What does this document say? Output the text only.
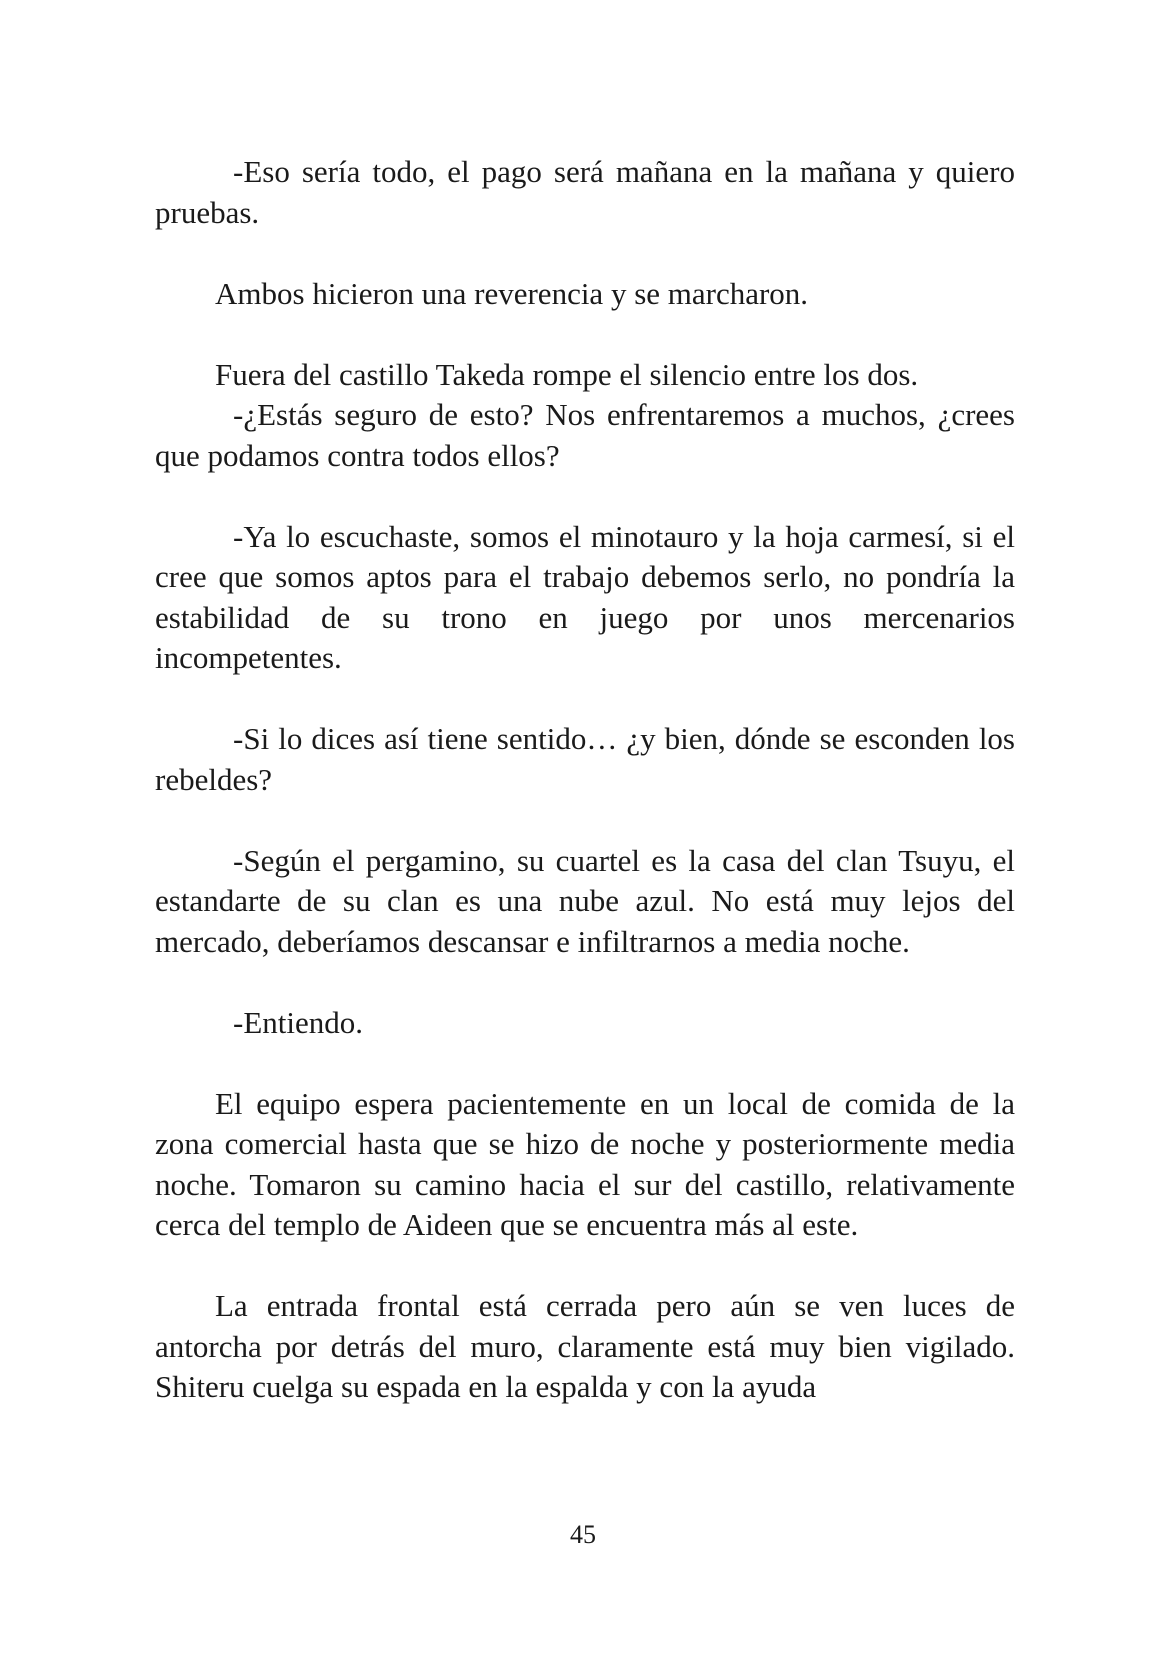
-Eso sería todo, el pago será mañana en la mañana y quiero pruebas.

Ambos hicieron una reverencia y se marcharon.

Fuera del castillo Takeda rompe el silencio entre los dos.

-¿Estás seguro de esto? Nos enfrentaremos a muchos, ¿crees que podamos contra todos ellos?

-Ya lo escuchaste, somos el minotauro y la hoja carmesí, si el cree que somos aptos para el trabajo debemos serlo, no pondría la estabilidad de su trono en juego por unos mercenarios incompetentes.

-Si lo dices así tiene sentido… ¿y bien, dónde se esconden los rebeldes?

-Según el pergamino, su cuartel es la casa del clan Tsuyu, el estandarte de su clan es una nube azul. No está muy lejos del mercado, deberíamos descansar e infiltrarnos a media noche.

-Entiendo.

El equipo espera pacientemente en un local de comida de la zona comercial hasta que se hizo de noche y posteriormente media noche. Tomaron su camino hacia el sur del castillo, relativamente cerca del templo de Aideen que se encuentra más al este.

La entrada frontal está cerrada pero aún se ven luces de antorcha por detrás del muro, claramente está muy bien vigilado. Shiteru cuelga su espada en la espalda y con la ayuda

45
